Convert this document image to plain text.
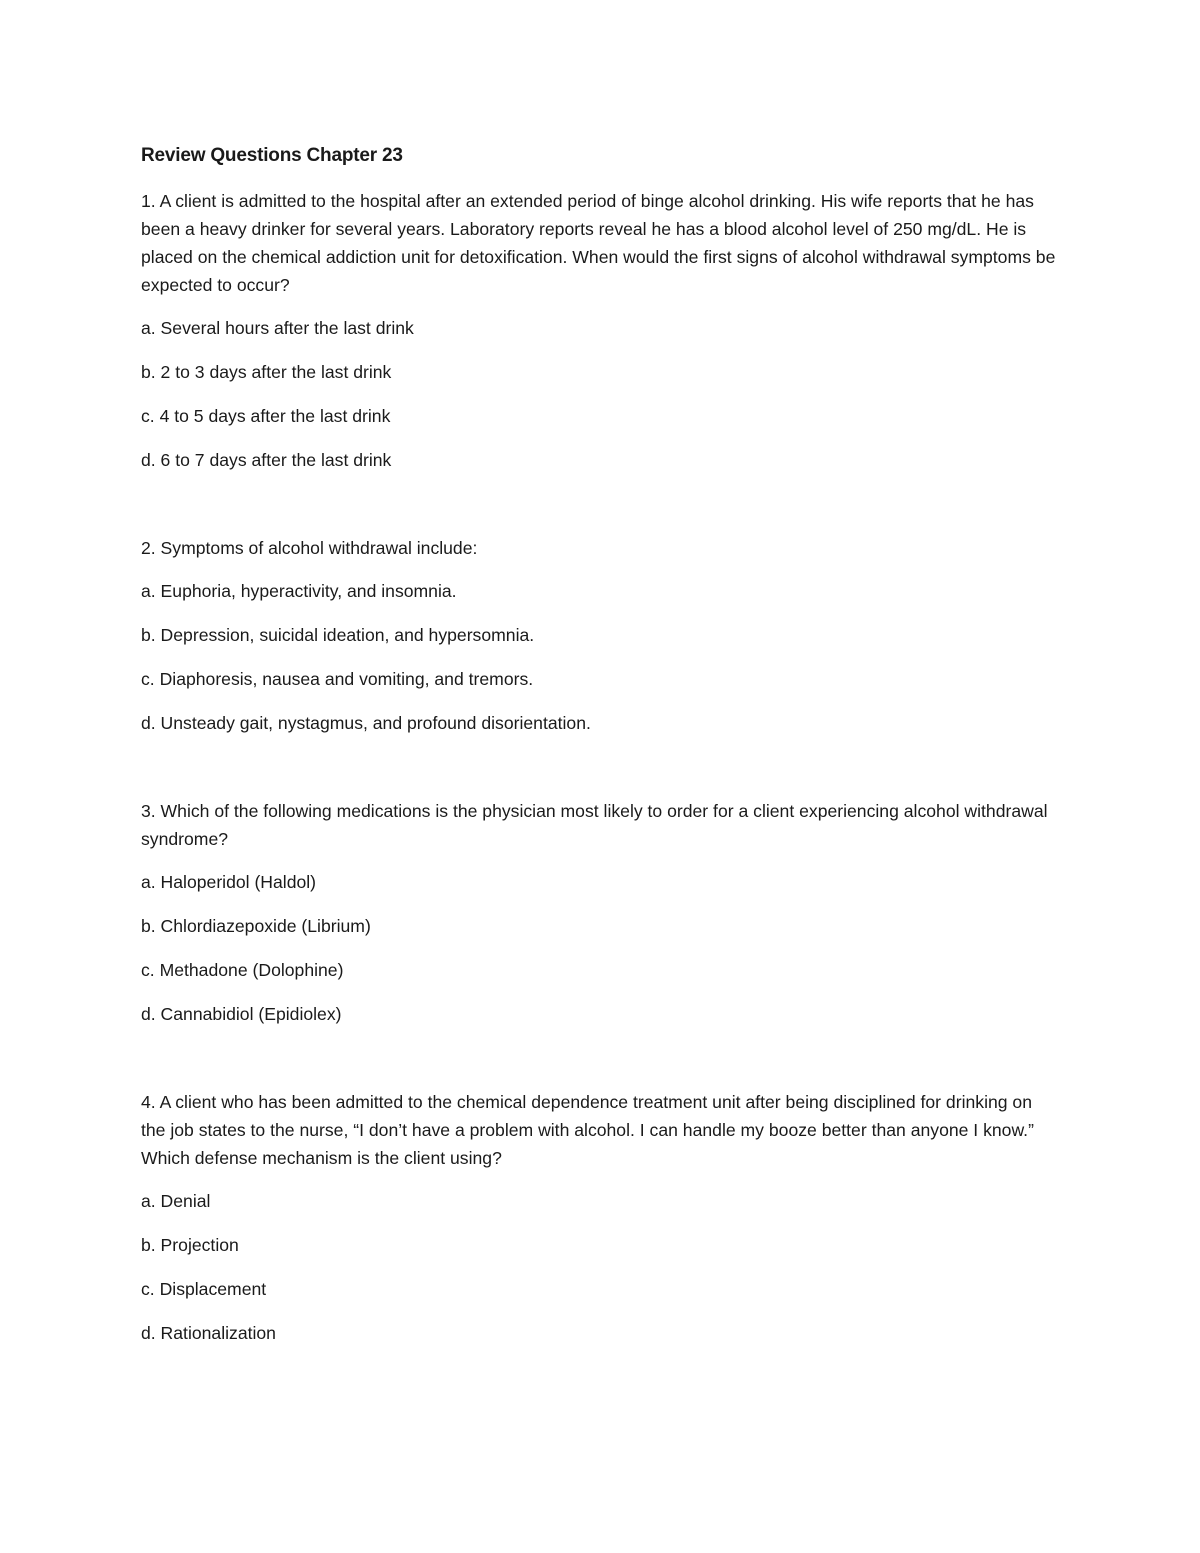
Review Questions Chapter 23

1. A client is admitted to the hospital after an extended period of binge alcohol drinking. His wife reports that he has been a heavy drinker for several years. Laboratory reports reveal he has a blood alcohol level of 250 mg/dL. He is placed on the chemical addiction unit for detoxification. When would the first signs of alcohol withdrawal symptoms be expected to occur?

a. Several hours after the last drink

b. 2 to 3 days after the last drink

c. 4 to 5 days after the last drink

d. 6 to 7 days after the last drink

2. Symptoms of alcohol withdrawal include:

a. Euphoria, hyperactivity, and insomnia.

b. Depression, suicidal ideation, and hypersomnia.

c. Diaphoresis, nausea and vomiting, and tremors.

d. Unsteady gait, nystagmus, and profound disorientation.

3. Which of the following medications is the physician most likely to order for a client experiencing alcohol withdrawal syndrome?

a. Haloperidol (Haldol)

b. Chlordiazepoxide (Librium)

c. Methadone (Dolophine)

d. Cannabidiol (Epidiolex)

4. A client who has been admitted to the chemical dependence treatment unit after being disciplined for drinking on the job states to the nurse, “I don’t have a problem with alcohol. I can handle my booze better than anyone I know.” Which defense mechanism is the client using?

a. Denial

b. Projection

c. Displacement

d. Rationalization
